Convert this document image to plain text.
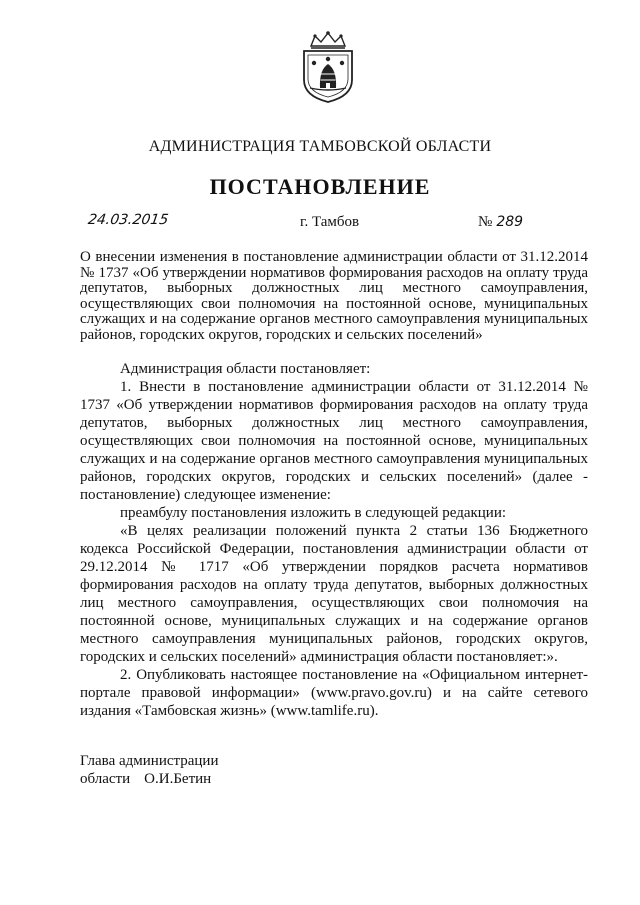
АДМИНИСТРАЦИЯ ТАМБОВСКОЙ ОБЛАСТИ
ПОСТАНОВЛЕНИЕ
24.03.2015	г. Тамбов	№ 289
О внесении изменения в постановление администрации области от 31.12.2014 № 1737 «Об утверждении нормативов формирования расходов на оплату труда депутатов, выборных должностных лиц местного самоуправления, осуществляющих свои полномочия на постоянной основе, муниципальных служащих и на содержание органов местного самоуправления муниципальных районов, городских округов, городских и сельских поселений»

Администрация области постановляет:

1. Внести в постановление администрации области от 31.12.2014 № 1737 «Об утверждении нормативов формирования расходов на оплату труда депутатов, выборных должностных лиц местного самоуправления, осуществляющих свои полномочия на постоянной основе, муниципальных служащих и на содержание органов местного самоуправления муниципальных районов, городских округов, городских и сельских поселений» (далее - постановление) следующее изменение:

преамбулу постановления изложить в следующей редакции:

«В целях реализации положений пункта 2 статьи 136 Бюджетного кодекса Российской Федерации, постановления администрации области от 29.12.2014 № 1717 «Об утверждении порядков расчета нормативов формирования расходов на оплату труда депутатов, выборных должностных лиц местного самоуправления, осуществляющих свои полномочия на постоянной основе, муниципальных служащих и на содержание органов местного самоуправления муниципальных районов, городских округов, городских и сельских поселений» администрация области постановляет:».

2. Опубликовать настоящее постановление на «Официальном интернет-портале правовой информации» (www.pravo.gov.ru) и на сайте сетевого издания «Тамбовская жизнь» (www.tamlife.ru).

Глава администрации
области О.И.Бетин
